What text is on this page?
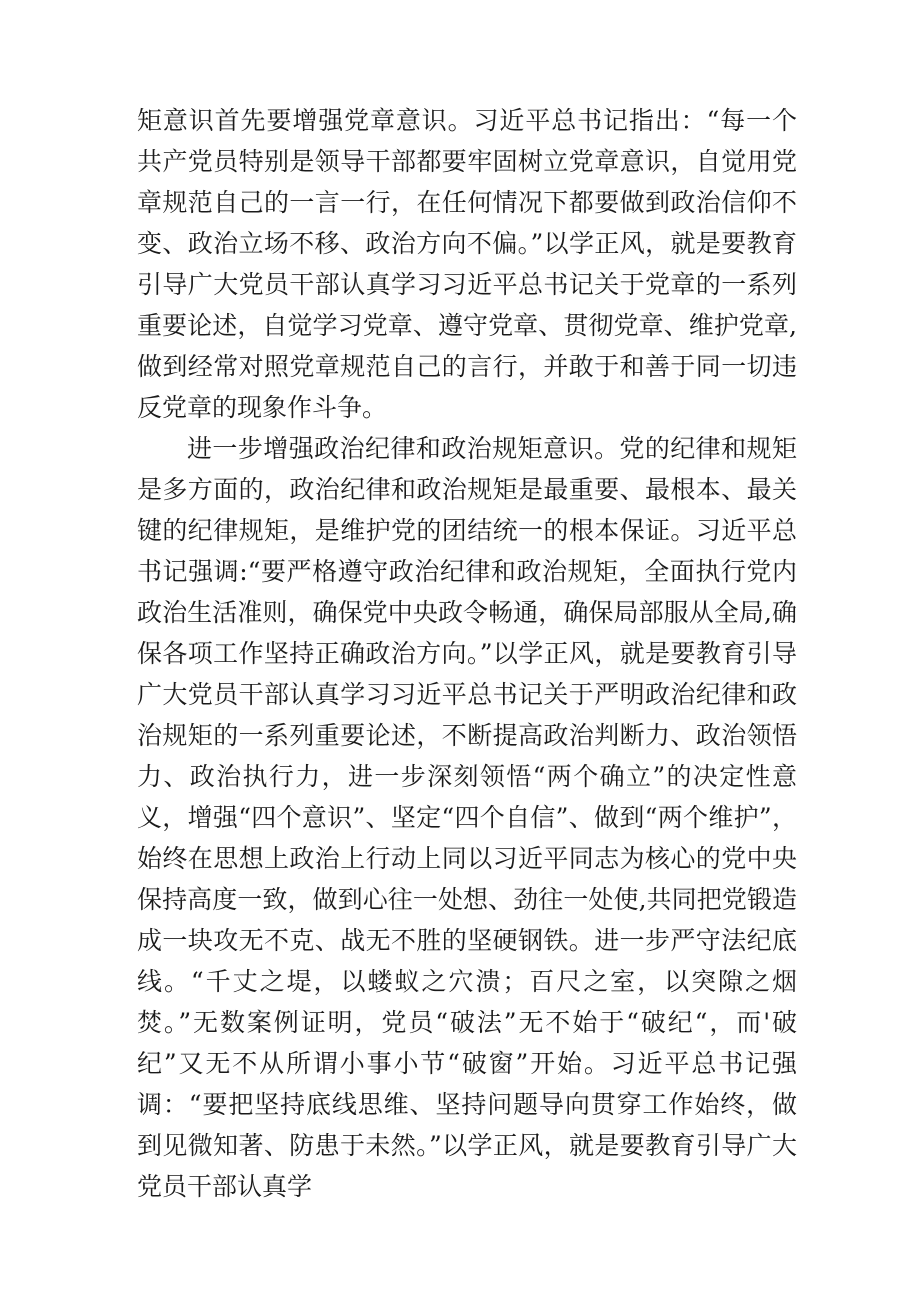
矩意识首先要增强党章意识。习近平总书记指出：“每一个共产党员特别是领导干部都要牢固树立党章意识，自觉用党章规范自己的一言一行，在任何情况下都要做到政治信仰不变、政治立场不移、政治方向不偏。”以学正风，就是要教育引导广大党员干部认真学习习近平总书记关于党章的一系列重要论述，自觉学习党章、遵守党章、贯彻党章、维护党章,做到经常对照党章规范自己的言行，并敢于和善于同一切违反党章的现象作斗争。

进一步增强政治纪律和政治规矩意识。党的纪律和规矩是多方面的，政治纪律和政治规矩是最重要、最根本、最关键的纪律规矩，是维护党的团结统一的根本保证。习近平总书记强调:“要严格遵守政治纪律和政治规矩，全面执行党内政治生活准则，确保党中央政令畅通，确保局部服从全局,确保各项工作坚持正确政治方向。”以学正风，就是要教育引导广大党员干部认真学习习近平总书记关于严明政治纪律和政治规矩的一系列重要论述，不断提高政治判断力、政治领悟力、政治执行力，进一步深刻领悟“两个确立”的决定性意义，增强“四个意识”、坚定“四个自信”、做到“两个维护”，始终在思想上政治上行动上同以习近平同志为核心的党中央保持高度一致，做到心往一处想、劲往一处使,共同把党锻造成一块攻无不克、战无不胜的坚硬钢铁。进一步严守法纪底线。“千丈之堤，以蝼蚁之穴溃；百尺之室，以突隙之烟焚。”无数案例证明，党员“破法”无不始于“破纪“，而'破纪”又无不从所谓小事小节“破窗”开始。习近平总书记强调：“要把坚持底线思维、坚持问题导向贯穿工作始终，做到见微知著、防患于未然。”以学正风，就是要教育引导广大党员干部认真学
